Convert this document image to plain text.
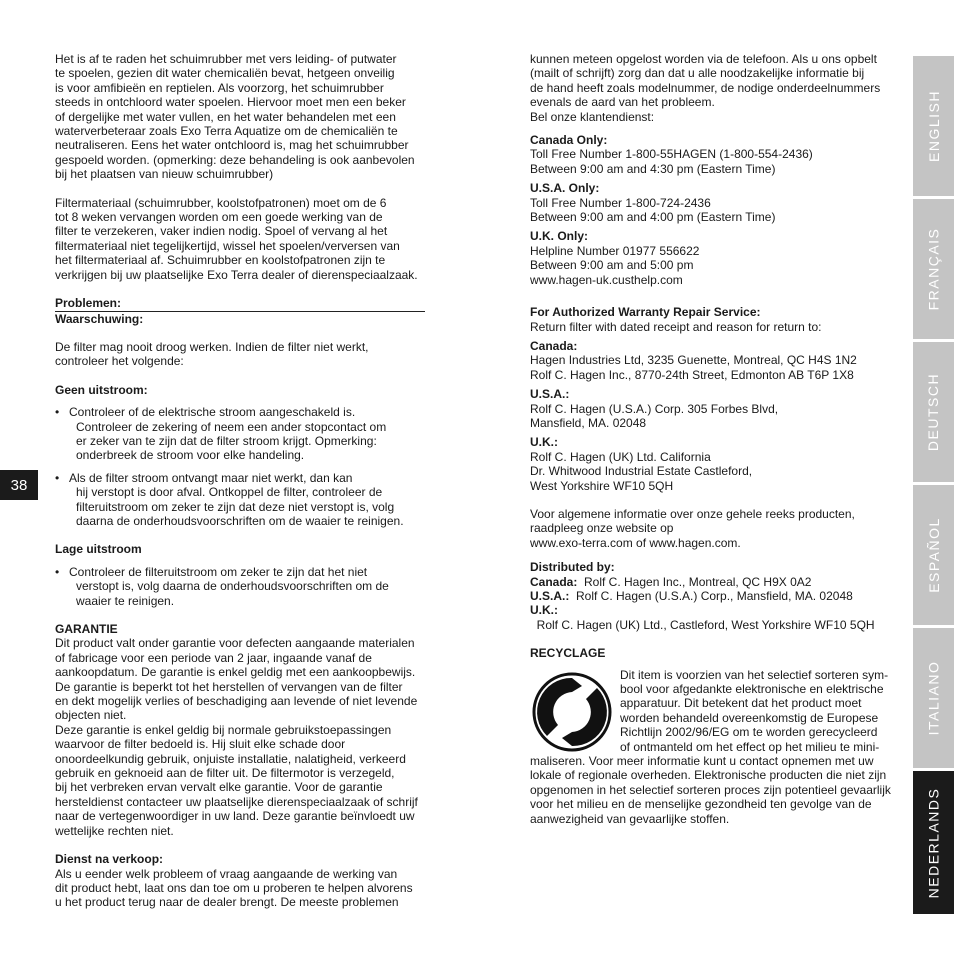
Het is af te raden het schuimrubber met vers leiding- of putwater
te spoelen, gezien dit water chemicaliën bevat, hetgeen onveilig
is voor amfibieën en reptielen. Als voorzorg, het schuimrubber
steeds in ontchloord water spoelen. Hiervoor moet men een beker
of dergelijke met water vullen, en het water behandelen met een
waterverbeteraar zoals Exo Terra Aquatize om de chemicaliën te
neutraliseren. Eens het water ontchloord is, mag het schuimrubber
gespoeld worden. (opmerking: deze behandeling is ook aanbevolen
bij het plaatsen van nieuw schuimrubber)

Filtermateriaal (schuimrubber, koolstofpatronen) moet om de 6
tot 8 weken vervangen worden om een goede werking van de
filter te verzekeren, vaker indien nodig. Spoel of vervang al het
filtermateriaal niet tegelijkertijd, wissel het spoelen/verversen van
het filtermateriaal af. Schuimrubber en koolstofpatronen zijn te
verkrijgen bij uw plaatselijke Exo Terra dealer of dierenspeciaalzaak.

Problemen:

Waarschuwing:

De filter mag nooit droog werken. Indien de filter niet werkt,
controleer het volgende:

Geen uitstroom:

• Controleer of de elektrische stroom aangeschakeld is.
Controleer de zekering of neem een ander stopcontact om
er zeker van te zijn dat de filter stroom krijgt. Opmerking:
onderbreek de stroom voor elke handeling.
• Als de filter stroom ontvangt maar niet werkt, dan kan
hij verstopt is door afval. Ontkoppel de filter, controleer de
filteruitstroom om zeker te zijn dat deze niet verstopt is, volg
daarna de onderhoudsvoorschriften om de waaier te reinigen.

Lage uitstroom

• Controleer de filteruitstroom om zeker te zijn dat het niet
verstopt is, volg daarna de onderhoudsvoorschriften om de
waaier te reinigen.

GARANTIE

Dit product valt onder garantie voor defecten aangaande materialen
of fabricage voor een periode van 2 jaar, ingaande vanaf de
aankoopdatum. De garantie is enkel geldig met een aankoopbewijs.
De garantie is beperkt tot het herstellen of vervangen van de filter
en dekt mogelijk verlies of beschadiging aan levende of niet levende
objecten niet.
Deze garantie is enkel geldig bij normale gebruikstoepassingen
waarvoor de filter bedoeld is. Hij sluit elke schade door
onoordeelkundig gebruik, onjuiste installatie, nalatigheid, verkeerd
gebruik en geknoeid aan de filter uit. De filtermotor is verzegeld,
bij het verbreken ervan vervalt elke garantie. Voor de garantie
hersteldienst contacteer uw plaatselijke dierenspeciaalzaak of schrijf
naar de vertegenwoordiger in uw land. Deze garantie beïnvloedt uw
wettelijke rechten niet.

Dienst na verkoop:

Als u eender welk probleem of vraag aangaande de werking van
dit product hebt, laat ons dan toe om u proberen te helpen alvorens
u het product terug naar de dealer brengt. De meeste problemen

kunnen meteen opgelost worden via de telefoon. Als u ons opbelt
(mailt of schrijft) zorg dan dat u alle noodzakelijke informatie bij
de hand heeft zoals modelnummer, de nodige onderdeelnummers
evenals de aard van het probleem.
Bel onze klantendienst:

Canada Only:

Toll Free Number 1-800-55HAGEN (1-800-554-2436)
Between 9:00 am and 4:30 pm (Eastern Time)

U.S.A. Only:

Toll Free Number 1-800-724-2436
Between 9:00 am and 4:00 pm (Eastern Time)

U.K. Only:

Helpline Number 01977 556622
Between 9:00 am and 5:00 pm
www.hagen-uk.custhelp.com

For Authorized Warranty Repair Service:

Return filter with dated receipt and reason for return to:

Canada:

Hagen Industries Ltd, 3235 Guenette, Montreal, QC H4S 1N2
Rolf C. Hagen Inc., 8770-24th Street, Edmonton AB T6P 1X8

U.S.A.:

Rolf C. Hagen (U.S.A.) Corp. 305 Forbes Blvd,
Mansfield, MA. 02048

U.K.:

Rolf C. Hagen (UK) Ltd. California
Dr. Whitwood Industrial Estate Castleford,
West Yorkshire WF10 5QH

Voor algemene informatie over onze gehele reeks producten,
raadpleeg onze website op
www.exo-terra.com of www.hagen.com.

Distributed by:

Canada:  Rolf C. Hagen Inc., Montreal, QC H9X 0A2

U.S.A.:  Rolf C. Hagen (U.S.A.) Corp., Mansfield, MA. 02048

U.K.:  Rolf C. Hagen (UK) Ltd., Castleford, West Yorkshire WF10 5QH

RECYCLAGE

Dit item is voorzien van het selectief sorteren sym-
bool voor afgedankte elektronische en elektrische
apparatuur. Dit betekent dat het product moet
worden behandeld overeenkomstig de Europese
Richtlijn 2002/96/EG om te worden gerecycleerd
of ontmanteld om het effect op het milieu te mini-

maliseren. Voor meer informatie kunt u contact opnemen met uw
lokale of regionale overheden. Elektronische producten die niet zijn
opgenomen in het selectief sorteren proces zijn potentieel gevaarlijk
voor het milieu en de menselijke gezondheid ten gevolge van de
aanwezigheid van gevaarlijke stoffen.

38
ENGLISH
FRANÇAIS
DEUTSCH
ESPAÑOL
ITALIANO
NEDERLANDS
